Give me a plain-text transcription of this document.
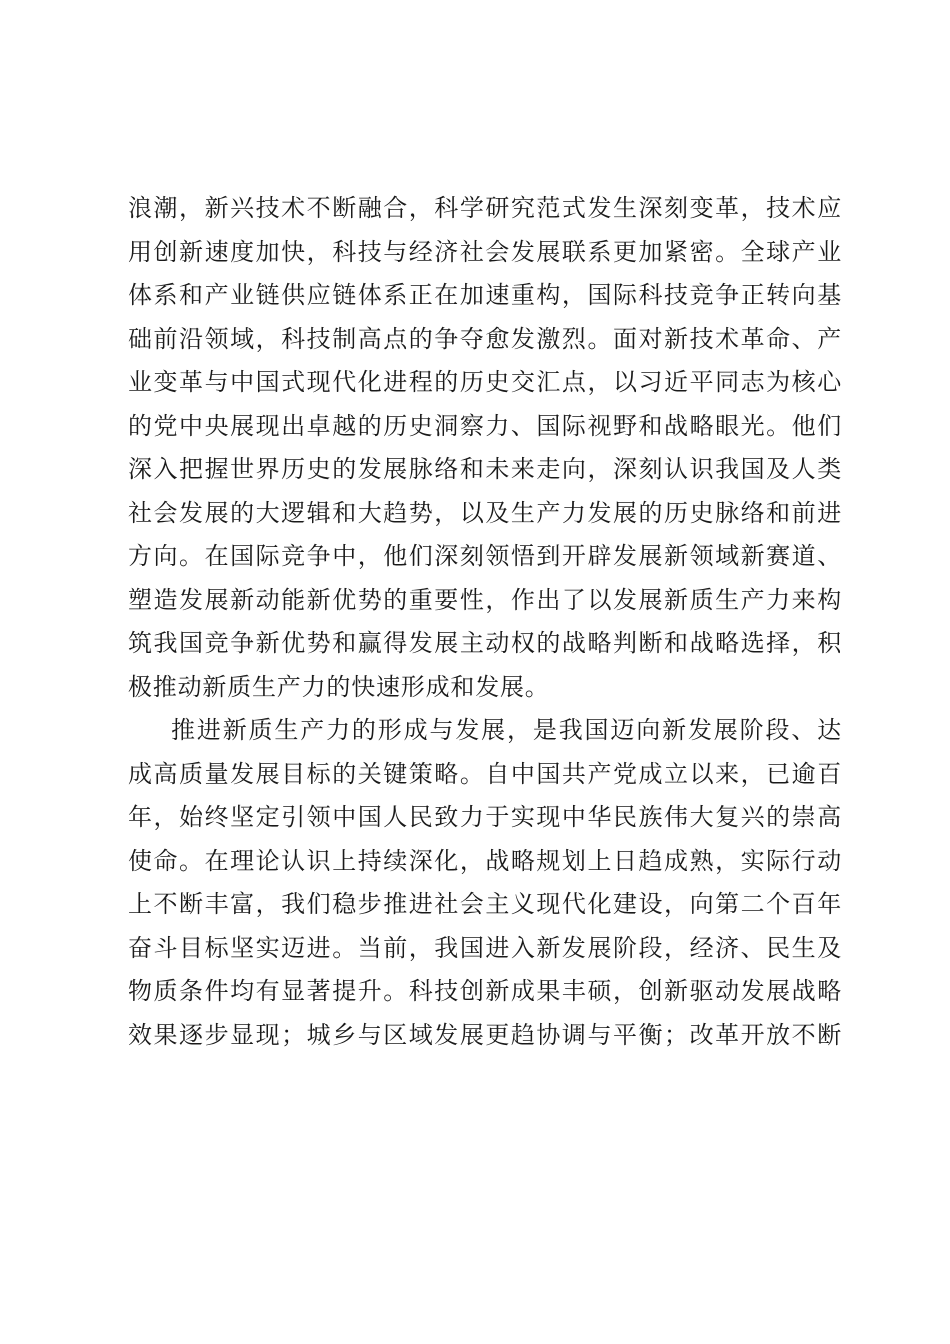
浪潮，新兴技术不断融合，科学研究范式发生深刻变革，技术应
用创新速度加快，科技与经济社会发展联系更加紧密。全球产业
体系和产业链供应链体系正在加速重构，国际科技竞争正转向基
础前沿领域，科技制高点的争夺愈发激烈。面对新技术革命、产
业变革与中国式现代化进程的历史交汇点，以习近平同志为核心
的党中央展现出卓越的历史洞察力、国际视野和战略眼光。他们
深入把握世界历史的发展脉络和未来走向，深刻认识我国及人类
社会发展的大逻辑和大趋势，以及生产力发展的历史脉络和前进
方向。在国际竞争中，他们深刻领悟到开辟发展新领域新赛道、
塑造发展新动能新优势的重要性，作出了以发展新质生产力来构
筑我国竞争新优势和赢得发展主动权的战略判断和战略选择，积
极推动新质生产力的快速形成和发展。
推进新质生产力的形成与发展，是我国迈向新发展阶段、达
成高质量发展目标的关键策略。自中国共产党成立以来，已逾百
年，始终坚定引领中国人民致力于实现中华民族伟大复兴的崇高
使命。在理论认识上持续深化，战略规划上日趋成熟，实际行动
上不断丰富，我们稳步推进社会主义现代化建设，向第二个百年
奋斗目标坚实迈进。当前，我国进入新发展阶段，经济、民生及
物质条件均有显著提升。科技创新成果丰硕，创新驱动发展战略
效果逐步显现；城乡与区域发展更趋协调与平衡；改革开放不断
